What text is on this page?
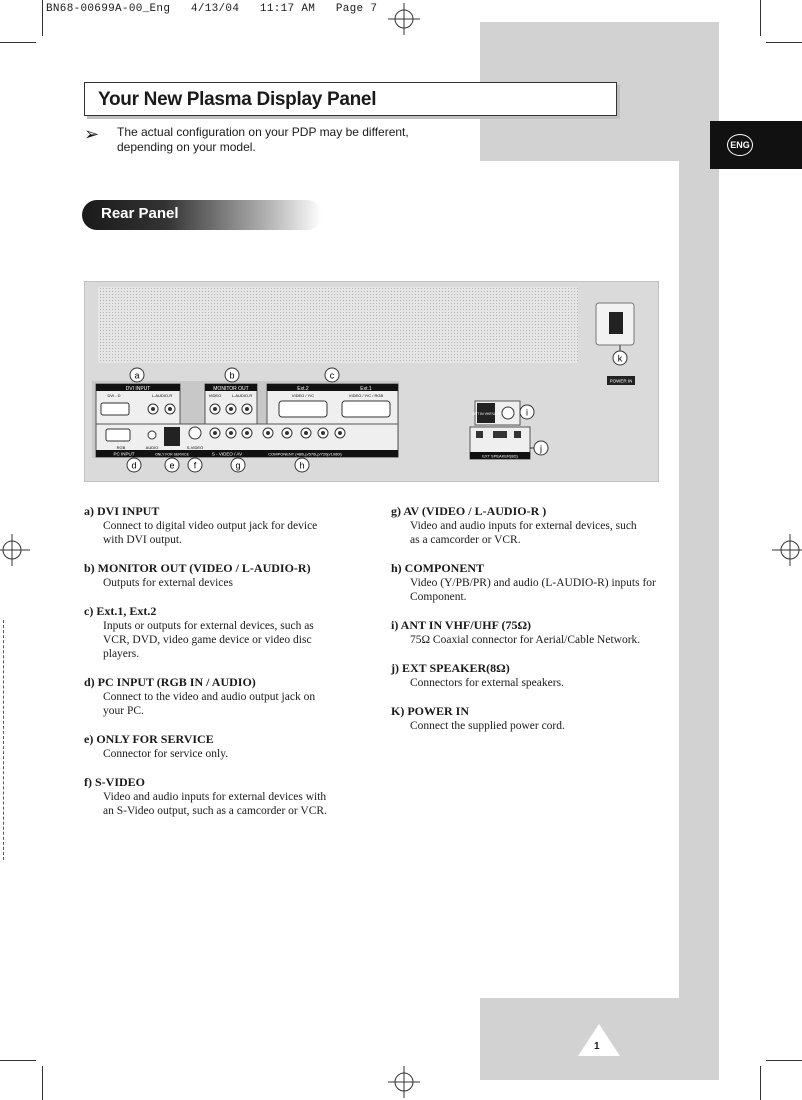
BN68-00699A-00_Eng   4/13/04   11:17 AM   Page 7
ENG
Your New Plasma Display Panel
➢ The actual configuration on your PDP may be different,
depending on your model.
Rear Panel
k
DVI INPUT
DVI - D	L-AUDIO-R
MONITOR OUT
VIDEO	L-AUDIO-R
Ext.2	Ext.1
VIDEO / Y/C	VIDEO / Y/C / RGB
RGB	AUDIO	S-VIDEO
PC INPUT	ONLY FOR SERVICE	S - VIDEO / AV	COMPONENT (480i,p/576i,p/720p/1080i)
POWER IN
ANT IN VHF/UHF	i
EXT SPEAKER(8Ω)
j
a	b	c
d	e f	g	h
a) DVI INPUT
Connect to digital video output jack for device
with DVI output.
b) MONITOR OUT (VIDEO / L-AUDIO-R)
Outputs for external devices
c) Ext.1, Ext.2
Inputs or outputs for external devices, such as
VCR, DVD, video game device or video disc
players.
d) PC INPUT (RGB IN / AUDIO)
Connect to the video and audio output jack on
your PC.
e) ONLY FOR SERVICE
Connector for service only.
f) S-VIDEO
Video and audio inputs for external devices with
an S-Video output, such as a camcorder or VCR.
g) AV (VIDEO / L-AUDIO-R )
Video and audio inputs for external devices, such
as a camcorder or VCR.
h) COMPONENT
Video (Y/PB/PR) and audio (L-AUDIO-R) inputs for
Component.
i) ANT IN VHF/UHF (75Ω)
75Ω Coaxial connector for Aerial/Cable Network.
j) EXT SPEAKER(8Ω)
Connectors for external speakers.
K) POWER IN
Connect the supplied power cord.
1
